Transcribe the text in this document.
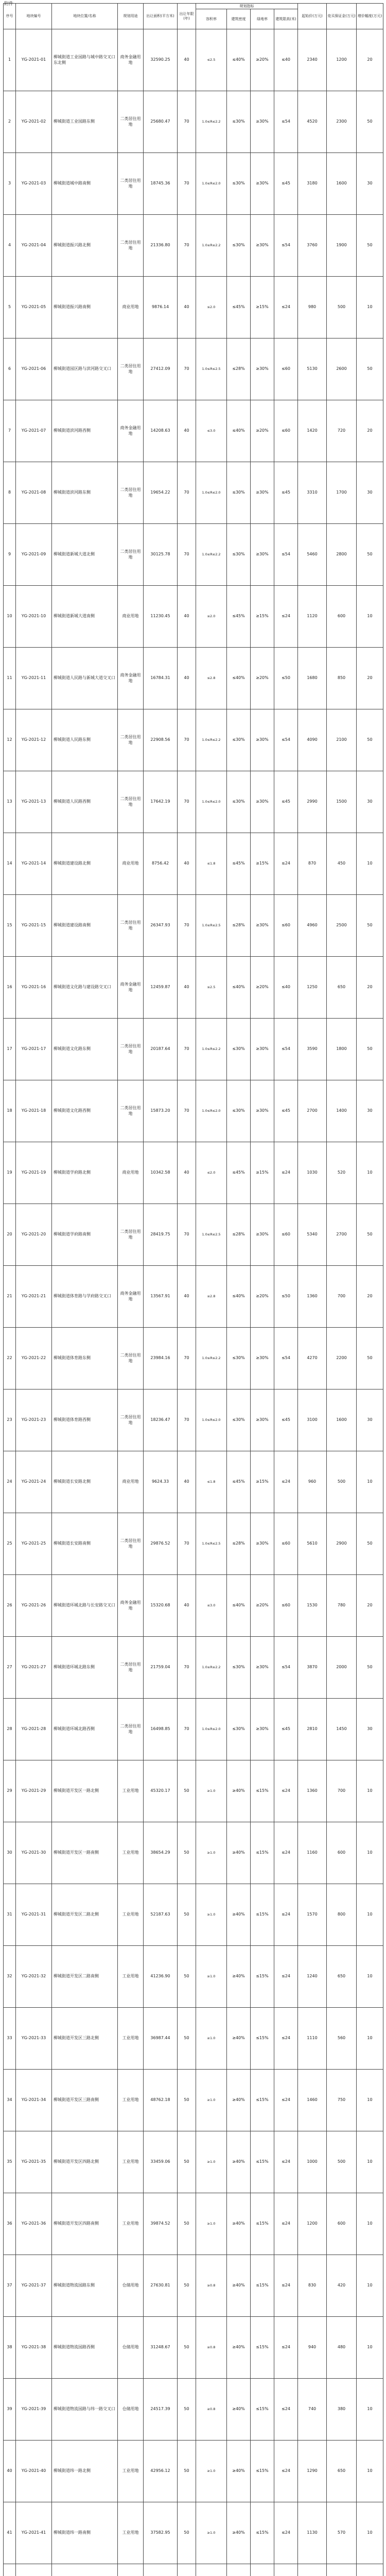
附件
序号	地块编号	地块位置/名称	规划用途	出让面积(平方米)	出让年限(年)	规划指标				起始价(万元)	竞买保证金(万元)	增价幅度(万元)
						容积率	建筑密度	绿地率	建筑限高(米)			
1	YG-2021-01	柳城街道工业园路与城中路交叉口东北侧	商务金融用地	32590.25	40	≤2.5	≤40%	≥20%	≤40	2340	1200	20
2	YG-2021-02	柳城街道工业园路东侧	二类居住用地	25680.47	70	1.0≤R≤2.2	≤30%	≥30%	≤54	4520	2300	50
3	YG-2021-03	柳城街道城中路南侧	二类居住用地	18745.36	70	1.0≤R≤2.0	≤30%	≥30%	≤45	3180	1600	30
4	YG-2021-04	柳城街道振兴路北侧	二类居住用地	21336.80	70	1.0≤R≤2.2	≤30%	≥30%	≤54	3760	1900	50
5	YG-2021-05	柳城街道振兴路南侧	商业用地	9876.14	40	≤2.0	≤45%	≥15%	≤24	980	500	10
6	YG-2021-06	柳城街道园区路与滨河路交叉口	二类居住用地	27412.09	70	1.0≤R≤2.5	≤28%	≥30%	≤60	5130	2600	50
7	YG-2021-07	柳城街道滨河路西侧	商务金融用地	14208.63	40	≤3.0	≤40%	≥20%	≤60	1420	720	20
8	YG-2021-08	柳城街道滨河路东侧	二类居住用地	19654.22	70	1.0≤R≤2.0	≤30%	≥30%	≤45	3310	1700	30
9	YG-2021-09	柳城街道新城大道北侧	二类居住用地	30125.78	70	1.0≤R≤2.2	≤30%	≥30%	≤54	5460	2800	50
10	YG-2021-10	柳城街道新城大道南侧	商业用地	11230.45	40	≤2.0	≤45%	≥15%	≤24	1120	600	10
11	YG-2021-11	柳城街道人民路与新城大道交叉口	商务金融用地	16784.31	40	≤2.8	≤40%	≥20%	≤50	1680	850	20
12	YG-2021-12	柳城街道人民路东侧	二类居住用地	22908.56	70	1.0≤R≤2.2	≤30%	≥30%	≤54	4090	2100	50
13	YG-2021-13	柳城街道人民路西侧	二类居住用地	17642.19	70	1.0≤R≤2.0	≤30%	≥30%	≤45	2990	1500	30
14	YG-2021-14	柳城街道建设路北侧	商业用地	8756.42	40	≤1.8	≤45%	≥15%	≤24	870	450	10
15	YG-2021-15	柳城街道建设路南侧	二类居住用地	26347.93	70	1.0≤R≤2.5	≤28%	≥30%	≤60	4960	2500	50
16	YG-2021-16	柳城街道文化路与建设路交叉口	商务金融用地	12459.87	40	≤2.5	≤40%	≥20%	≤40	1250	650	20
17	YG-2021-17	柳城街道文化路东侧	二类居住用地	20187.64	70	1.0≤R≤2.2	≤30%	≥30%	≤54	3590	1800	50
18	YG-2021-18	柳城街道文化路西侧	二类居住用地	15873.20	70	1.0≤R≤2.0	≤30%	≥30%	≤45	2700	1400	30
19	YG-2021-19	柳城街道学府路北侧	商业用地	10342.58	40	≤2.0	≤45%	≥15%	≤24	1030	520	10
20	YG-2021-20	柳城街道学府路南侧	二类居住用地	28419.75	70	1.0≤R≤2.5	≤28%	≥30%	≤60	5340	2700	50
21	YG-2021-21	柳城街道体育路与学府路交叉口	商务金融用地	13567.91	40	≤2.8	≤40%	≥20%	≤50	1360	700	20
22	YG-2021-22	柳城街道体育路东侧	二类居住用地	23984.16	70	1.0≤R≤2.2	≤30%	≥30%	≤54	4270	2200	50
23	YG-2021-23	柳城街道体育路西侧	二类居住用地	18236.47	70	1.0≤R≤2.0	≤30%	≥30%	≤45	3100	1600	30
24	YG-2021-24	柳城街道长安路北侧	商业用地	9624.33	40	≤1.8	≤45%	≥15%	≤24	960	500	10
25	YG-2021-25	柳城街道长安路南侧	二类居住用地	29876.52	70	1.0≤R≤2.5	≤28%	≥30%	≤60	5610	2900	50
26	YG-2021-26	柳城街道环城北路与长安路交叉口	商务金融用地	15320.68	40	≤3.0	≤40%	≥20%	≤60	1530	780	20
27	YG-2021-27	柳城街道环城北路东侧	二类居住用地	21759.04	70	1.0≤R≤2.2	≤30%	≥30%	≤54	3870	2000	50
28	YG-2021-28	柳城街道环城北路西侧	二类居住用地	16498.85	70	1.0≤R≤2.0	≤30%	≥30%	≤45	2810	1450	30
29	YG-2021-29	柳城街道开发区一路北侧	工业用地	45320.17	50	≥1.0	≥40%	≤15%	≤24	1360	700	10
30	YG-2021-30	柳城街道开发区一路南侧	工业用地	38654.29	50	≥1.0	≥40%	≤15%	≤24	1160	600	10
31	YG-2021-31	柳城街道开发区二路北侧	工业用地	52187.63	50	≥1.0	≥40%	≤15%	≤24	1570	800	10
32	YG-2021-32	柳城街道开发区二路南侧	工业用地	41236.90	50	≥1.0	≥40%	≤15%	≤24	1240	650	10
33	YG-2021-33	柳城街道开发区三路北侧	工业用地	36987.44	50	≥1.0	≥40%	≤15%	≤24	1110	560	10
34	YG-2021-34	柳城街道开发区三路南侧	工业用地	48762.18	50	≥1.0	≥40%	≤15%	≤24	1460	750	10
35	YG-2021-35	柳城街道开发区四路北侧	工业用地	33459.06	50	≥1.0	≥40%	≤15%	≤24	1000	500	10
36	YG-2021-36	柳城街道开发区四路南侧	工业用地	39874.52	50	≥1.0	≥40%	≤15%	≤24	1200	600	10
37	YG-2021-37	柳城街道物流园路东侧	仓储用地	27630.81	50	≥0.8	≥40%	≤15%	≤24	830	420	10
38	YG-2021-38	柳城街道物流园路西侧	仓储用地	31248.67	50	≥0.8	≥40%	≤15%	≤24	940	480	10
39	YG-2021-39	柳城街道物流园路与纬一路交叉口	仓储用地	24517.39	50	≥0.8	≥40%	≤15%	≤24	740	380	10
40	YG-2021-40	柳城街道纬一路北侧	工业用地	42956.12	50	≥1.0	≥40%	≤15%	≤24	1290	650	10
41	YG-2021-41	柳城街道纬一路南侧	工业用地	37582.95	50	≥1.0	≥40%	≤15%	≤24	1130	570	10
